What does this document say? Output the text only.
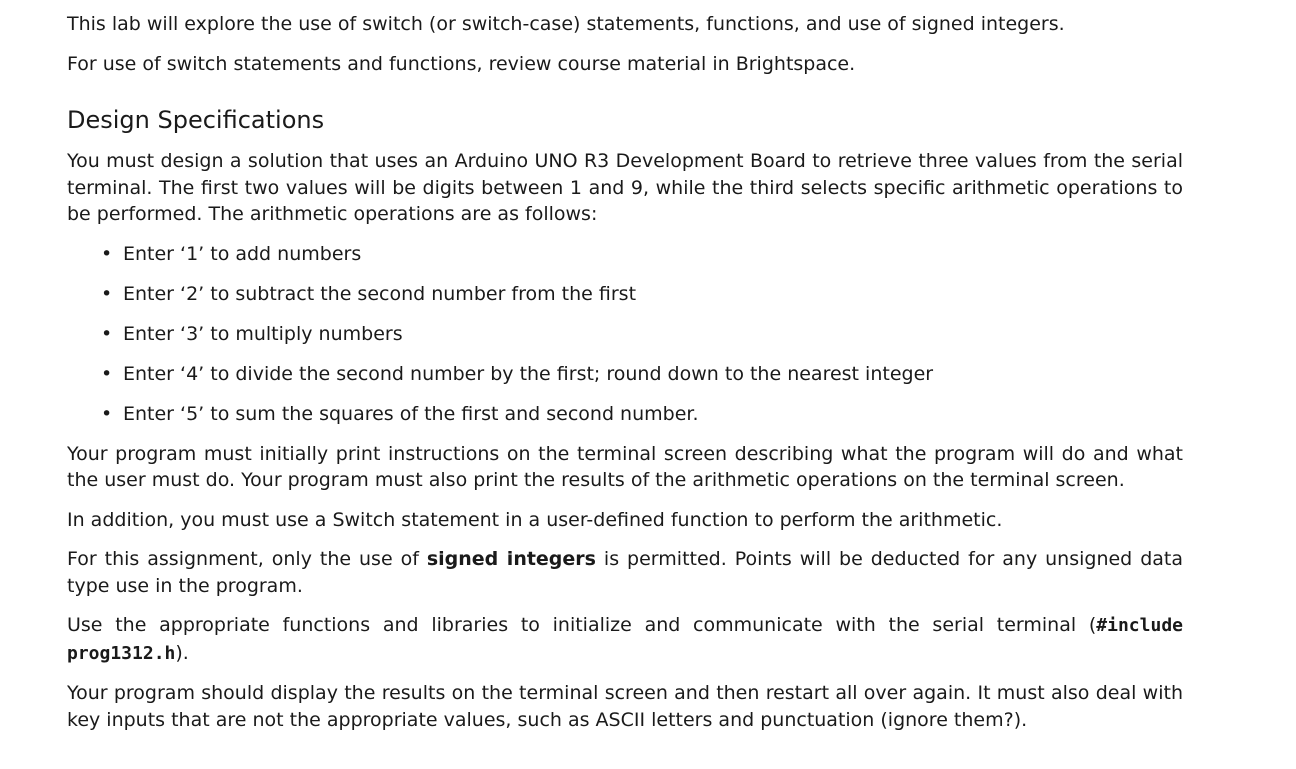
This lab will explore the use of switch (or switch-case) statements, functions, and use of signed integers.

For use of switch statements and functions, review course material in Brightspace.

Design Specifications

You must design a solution that uses an Arduino UNO R3 Development Board to retrieve three values from the serial terminal. The first two values will be digits between 1 and 9, while the third selects specific arithmetic operations to be performed. The arithmetic operations are as follows:

• Enter ‘1’ to add numbers
• Enter ‘2’ to subtract the second number from the first
• Enter ‘3’ to multiply numbers
• Enter ‘4’ to divide the second number by the first; round down to the nearest integer
• Enter ‘5’ to sum the squares of the first and second number.

Your program must initially print instructions on the terminal screen describing what the program will do and what the user must do. Your program must also print the results of the arithmetic operations on the terminal screen.

In addition, you must use a Switch statement in a user-defined function to perform the arithmetic.

For this assignment, only the use of signed integers is permitted. Points will be deducted for any unsigned data type use in the program.

Use the appropriate functions and libraries to initialize and communicate with the serial terminal (#include prog1312.h).

Your program should display the results on the terminal screen and then restart all over again. It must also deal with key inputs that are not the appropriate values, such as ASCII letters and punctuation (ignore them?).
